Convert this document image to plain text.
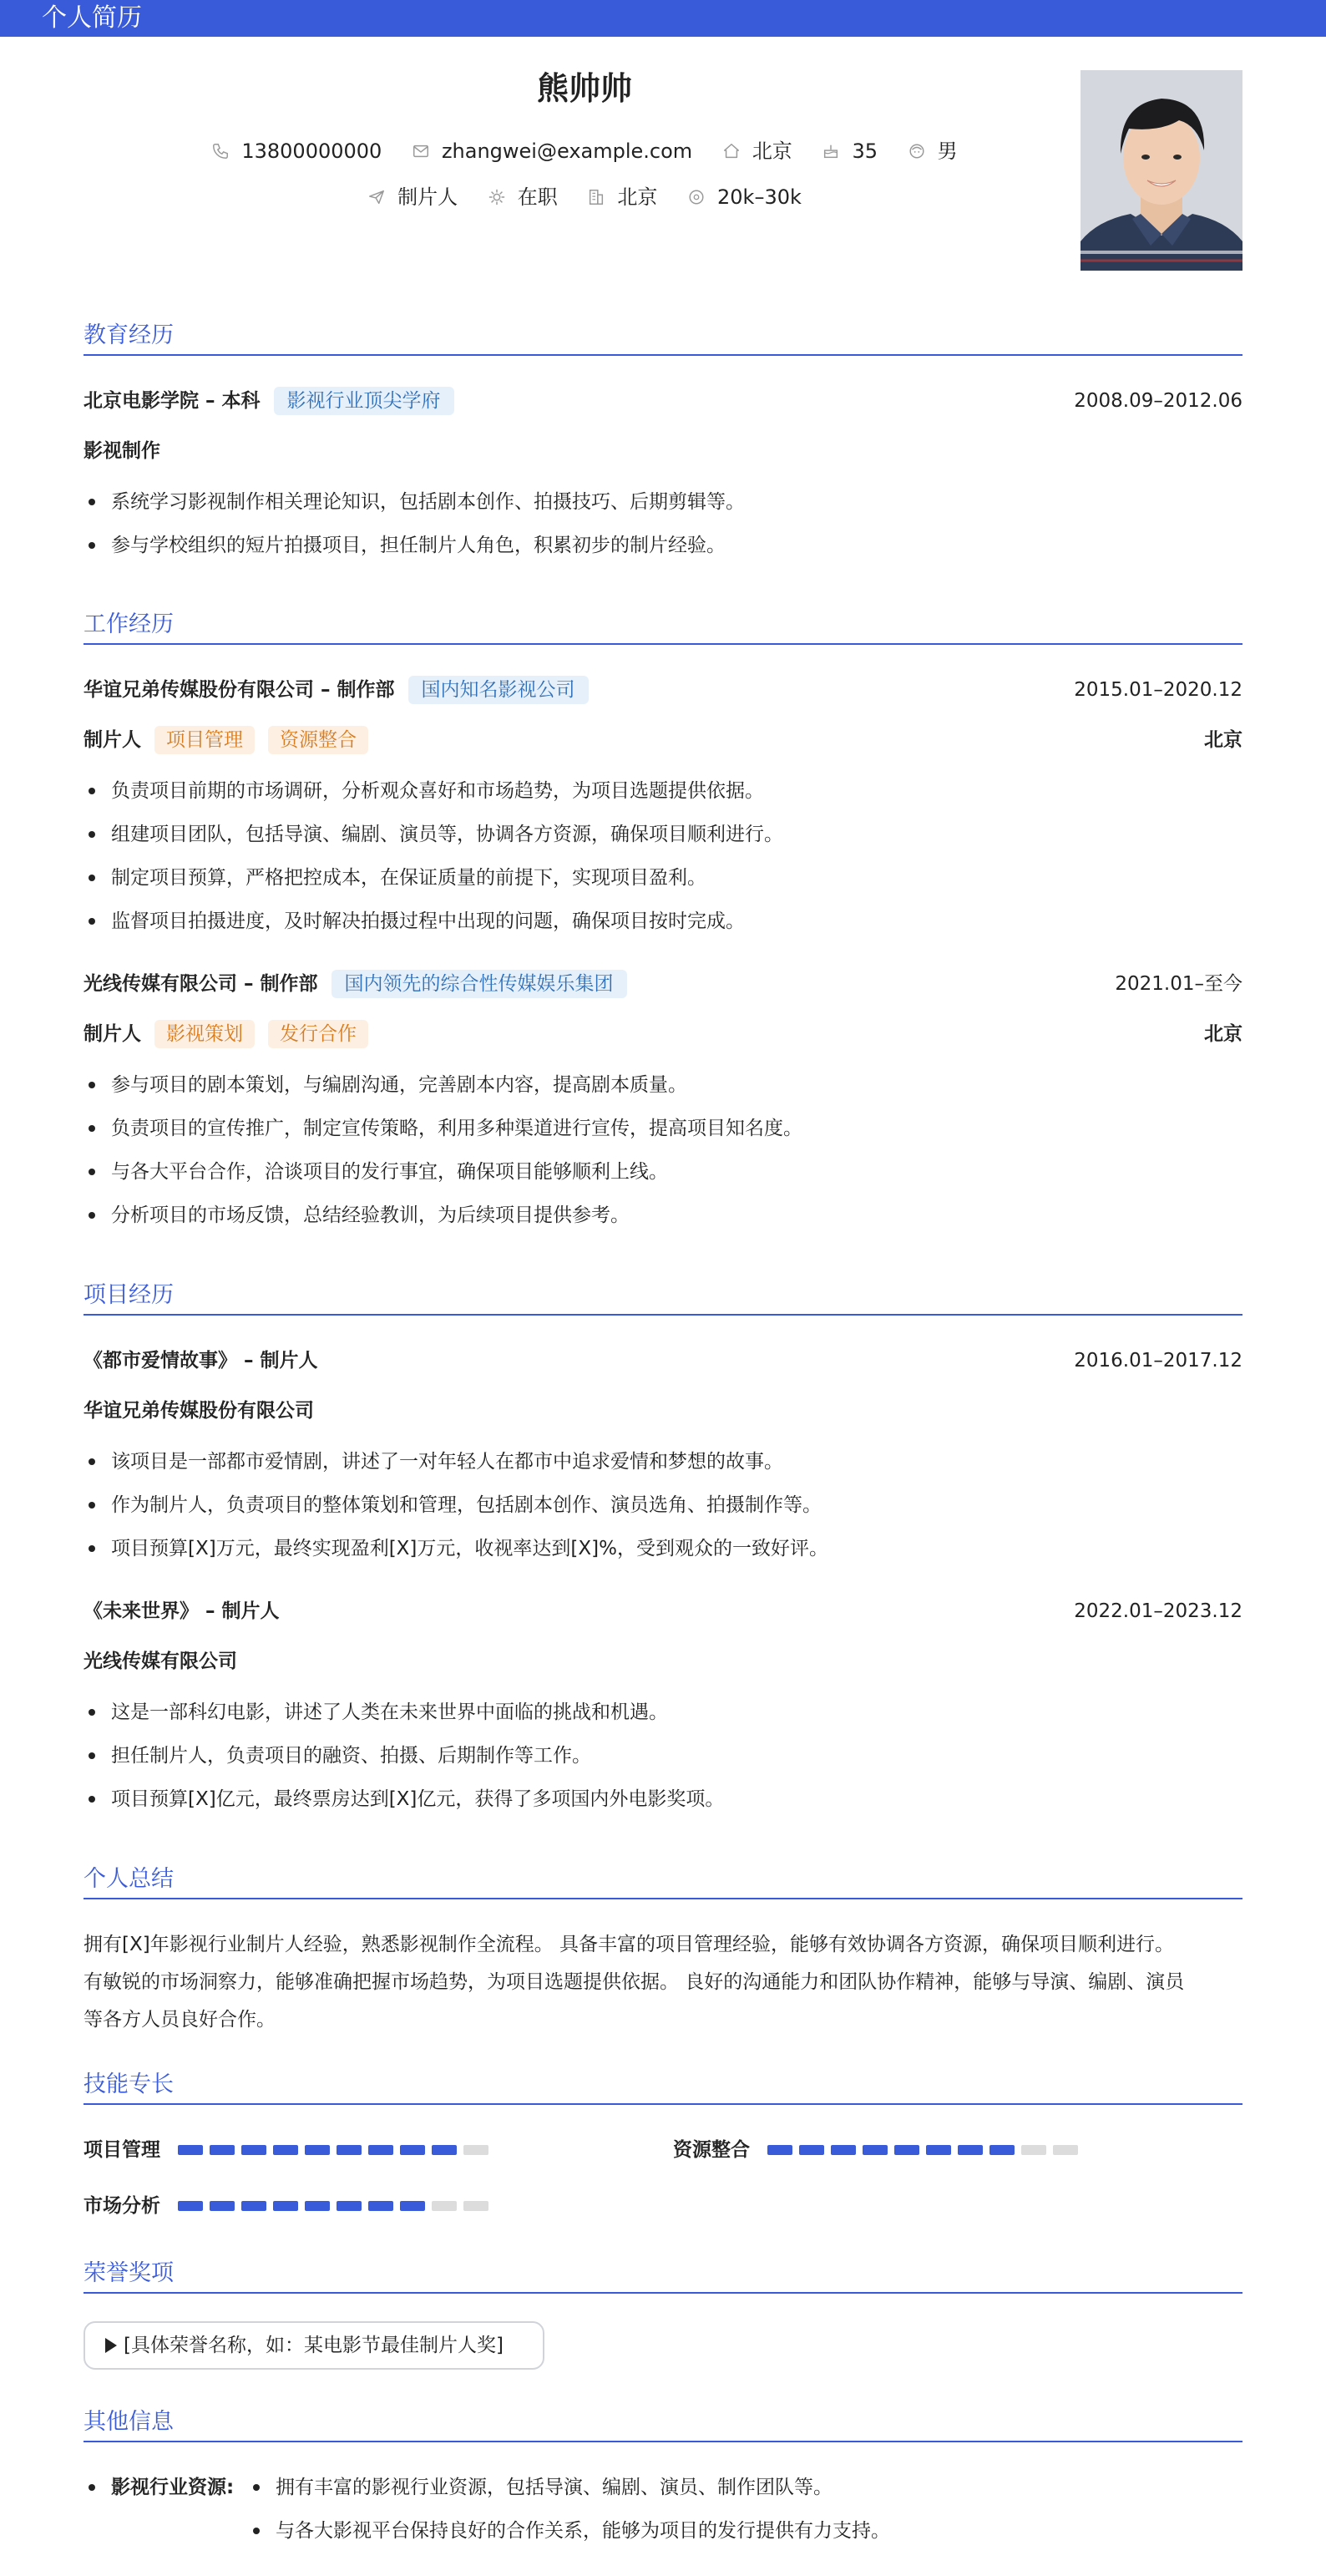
个人简历
熊帅帅
13800000000	zhangwei@example.com	北京	35	男
制片人	在职	北京	20k–30k
教育经历
北京电影学院 – 本科 影视行业顶尖学府	2008.09–2012.06
影视制作
系统学习影视制作相关理论知识，包括剧本创作、拍摄技巧、后期剪辑等。
参与学校组织的短片拍摄项目，担任制片人角色，积累初步的制片经验。
工作经历
华谊兄弟传媒股份有限公司 – 制作部 国内知名影视公司	2015.01–2020.12
制片人 项目管理 资源整合	北京
负责项目前期的市场调研，分析观众喜好和市场趋势，为项目选题提供依据。
组建项目团队，包括导演、编剧、演员等，协调各方资源，确保项目顺利进行。
制定项目预算，严格把控成本，在保证质量的前提下，实现项目盈利。
监督项目拍摄进度，及时解决拍摄过程中出现的问题，确保项目按时完成。
光线传媒有限公司 – 制作部 国内领先的综合性传媒娱乐集团	2021.01–至今
制片人 影视策划 发行合作	北京
参与项目的剧本策划，与编剧沟通，完善剧本内容，提高剧本质量。
负责项目的宣传推广，制定宣传策略，利用多种渠道进行宣传，提高项目知名度。
与各大平台合作，洽谈项目的发行事宜，确保项目能够顺利上线。
分析项目的市场反馈，总结经验教训，为后续项目提供参考。
项目经历
《都市爱情故事》 – 制片人	2016.01–2017.12
华谊兄弟传媒股份有限公司
该项目是一部都市爱情剧，讲述了一对年轻人在都市中追求爱情和梦想的故事。
作为制片人，负责项目的整体策划和管理，包括剧本创作、演员选角、拍摄制作等。
项目预算[X]万元，最终实现盈利[X]万元，收视率达到[X]%，受到观众的一致好评。
《未来世界》 – 制片人	2022.01–2023.12
光线传媒有限公司
这是一部科幻电影，讲述了人类在未来世界中面临的挑战和机遇。
担任制片人，负责项目的融资、拍摄、后期制作等工作。
项目预算[X]亿元，最终票房达到[X]亿元，获得了多项国内外电影奖项。
个人总结
拥有[X]年影视行业制片人经验，熟悉影视制作全流程。 具备丰富的项目管理经验，能够有效协调各方资源，确保项目顺利进行。
有敏锐的市场洞察力，能够准确把握市场趋势，为项目选题提供依据。 良好的沟通能力和团队协作精神，能够与导演、编剧、演员
等各方人员良好合作。
技能专长
项目管理	资源整合
市场分析
荣誉奖项
[具体荣誉名称，如：某电影节最佳制片人奖]
其他信息
影视行业资源:	拥有丰富的影视行业资源，包括导演、编剧、演员、制作团队等。
与各大影视平台保持良好的合作关系，能够为项目的发行提供有力支持。
